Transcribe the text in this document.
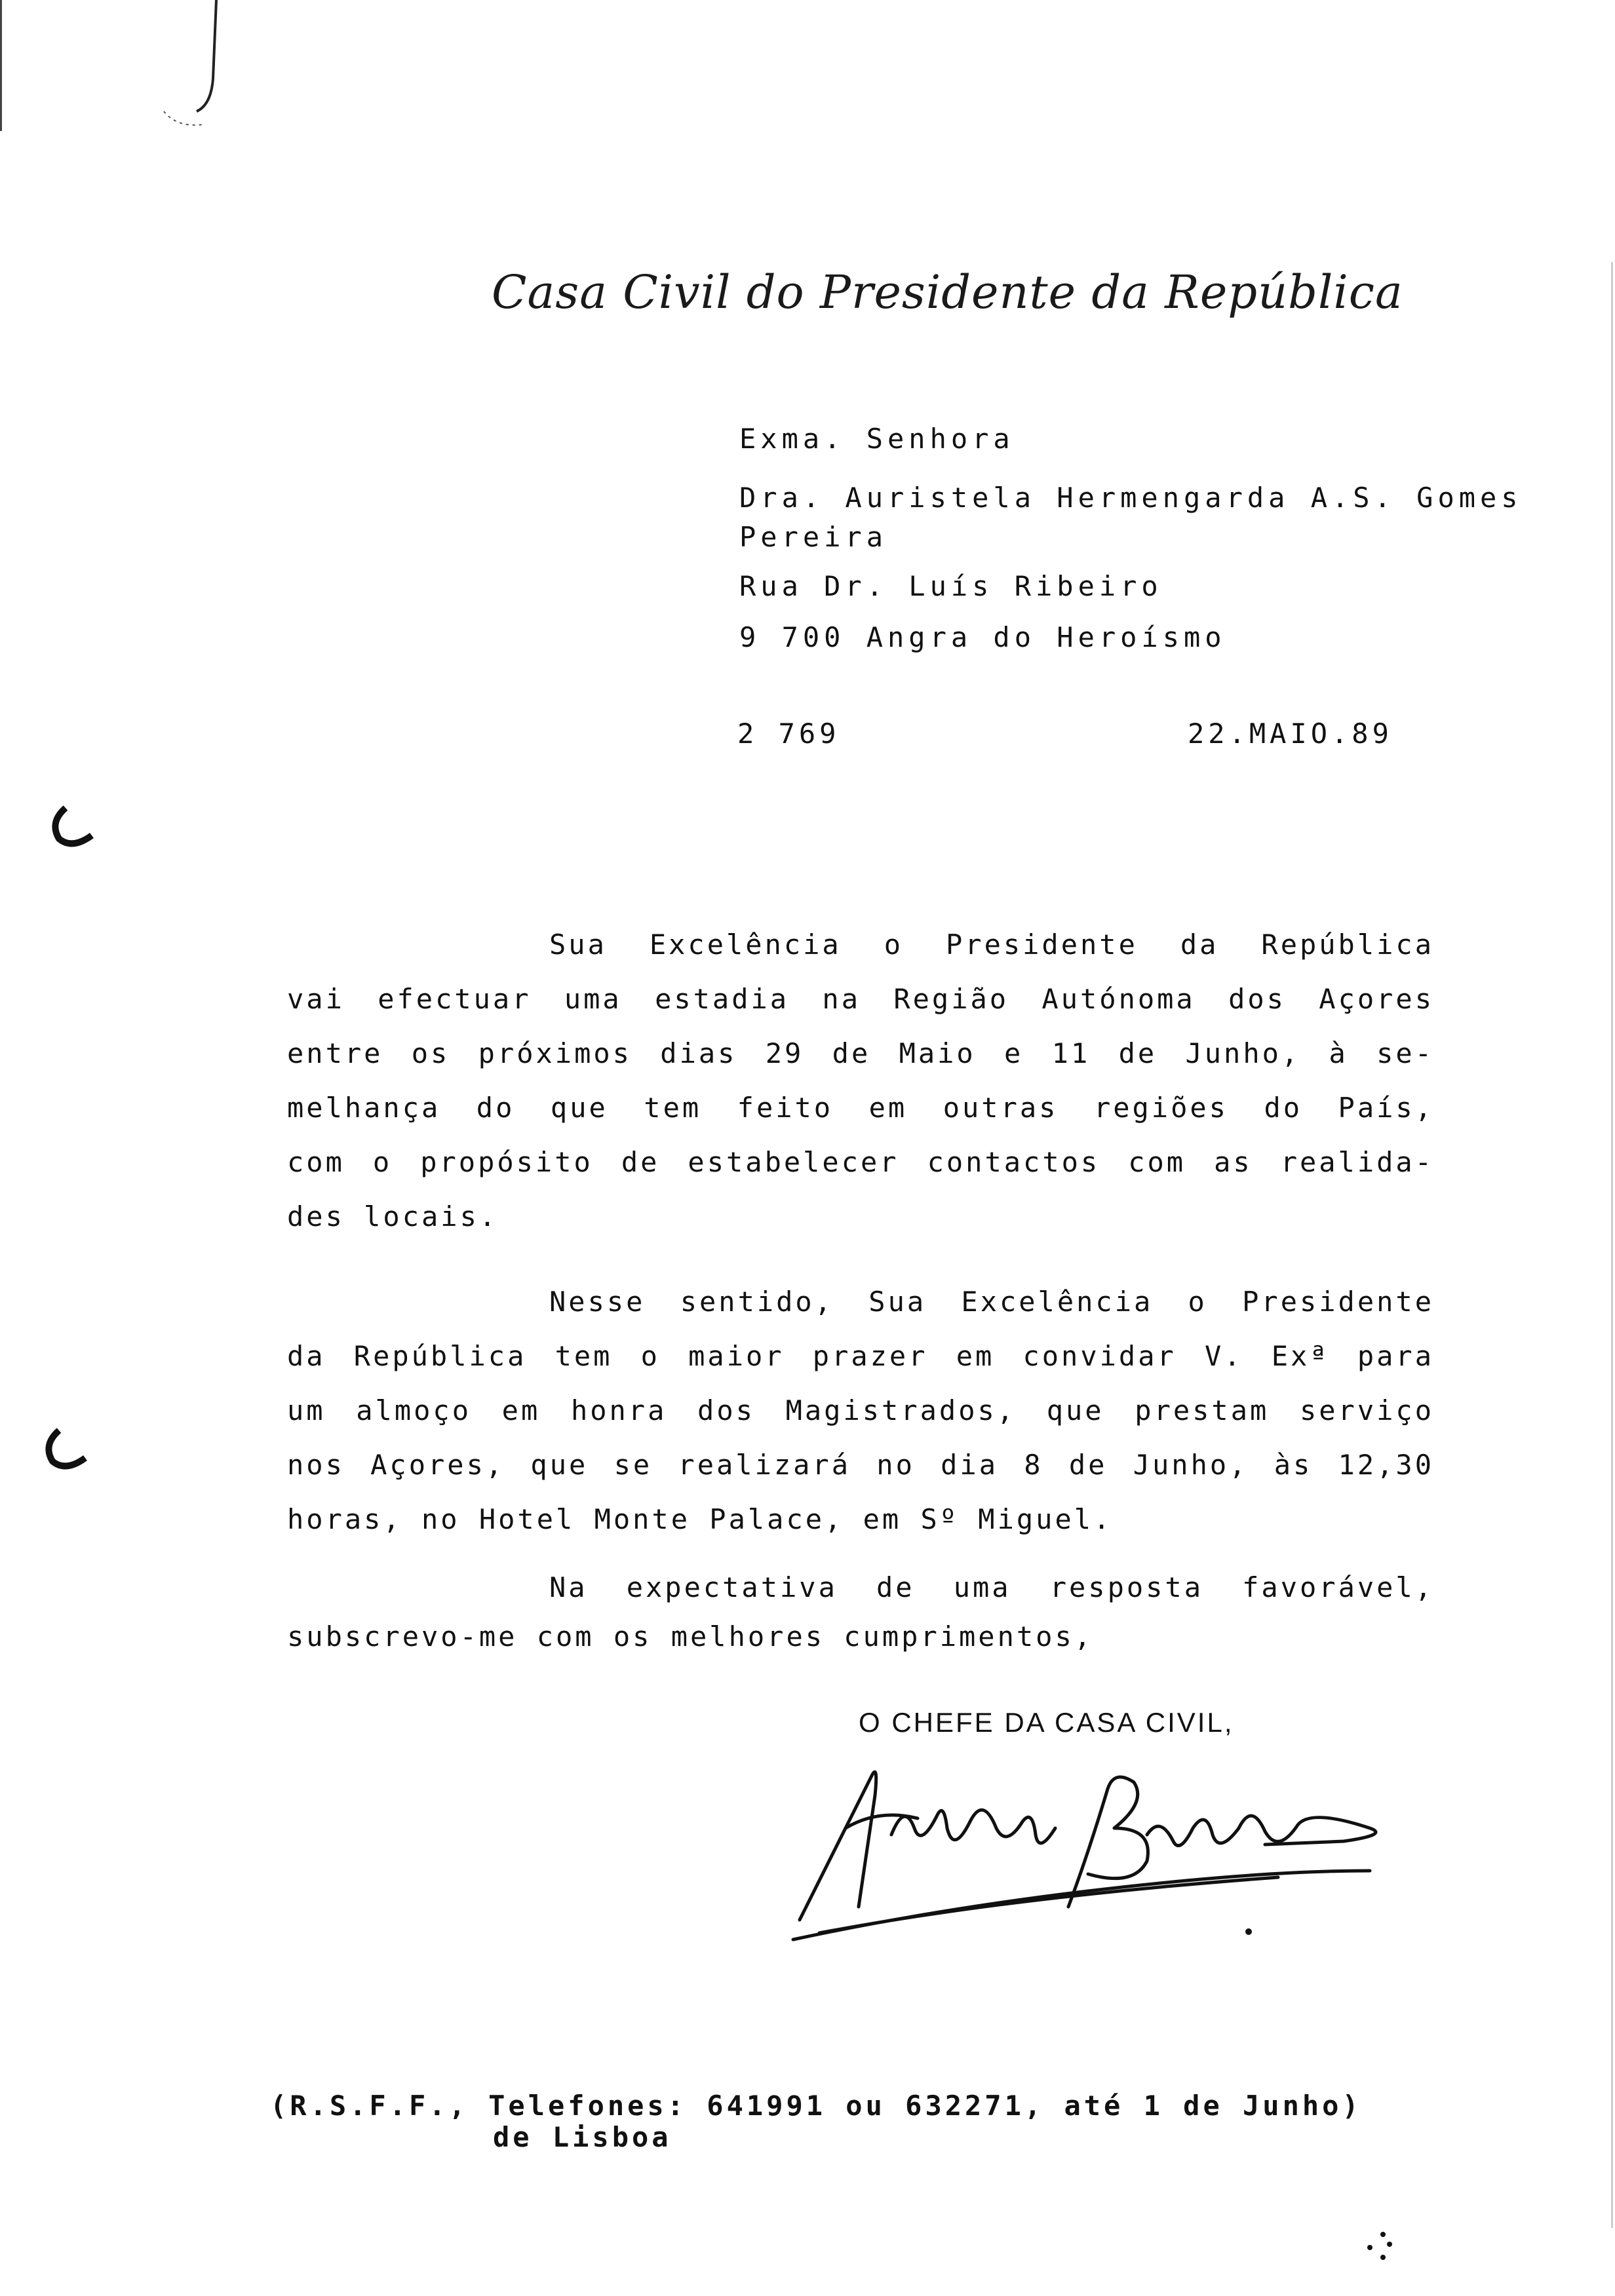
Casa Civil do Presidente da República
Exma. Senhora
Dra. Auristela Hermengarda A.S. Gomes
Pereira
Rua Dr. Luís Ribeiro
9 700 Angra do Heroísmo
2 769	22.MAIO.89
Sua Excelência o Presidente da República
vai efectuar uma estadia na Região Autónoma dos Açores
entre os próximos dias 29 de Maio e 11 de Junho, à se-
melhança do que tem feito em outras regiões do País,
com o propósito de estabelecer contactos com as realida-
des locais.
Nesse sentido, Sua Excelência o Presidente
da República tem o maior prazer em convidar V. Exª para
um almoço em honra dos Magistrados, que prestam serviço
nos Açores, que se realizará no dia 8 de Junho, às 12,30
horas, no Hotel Monte Palace, em Sº Miguel.
Na expectativa de uma resposta favorável,
subscrevo-me com os melhores cumprimentos,
O CHEFE DA CASA CIVIL,
(R.S.F.F., Telefones: 641991 ou 632271, até 1 de Junho)
de Lisboa
